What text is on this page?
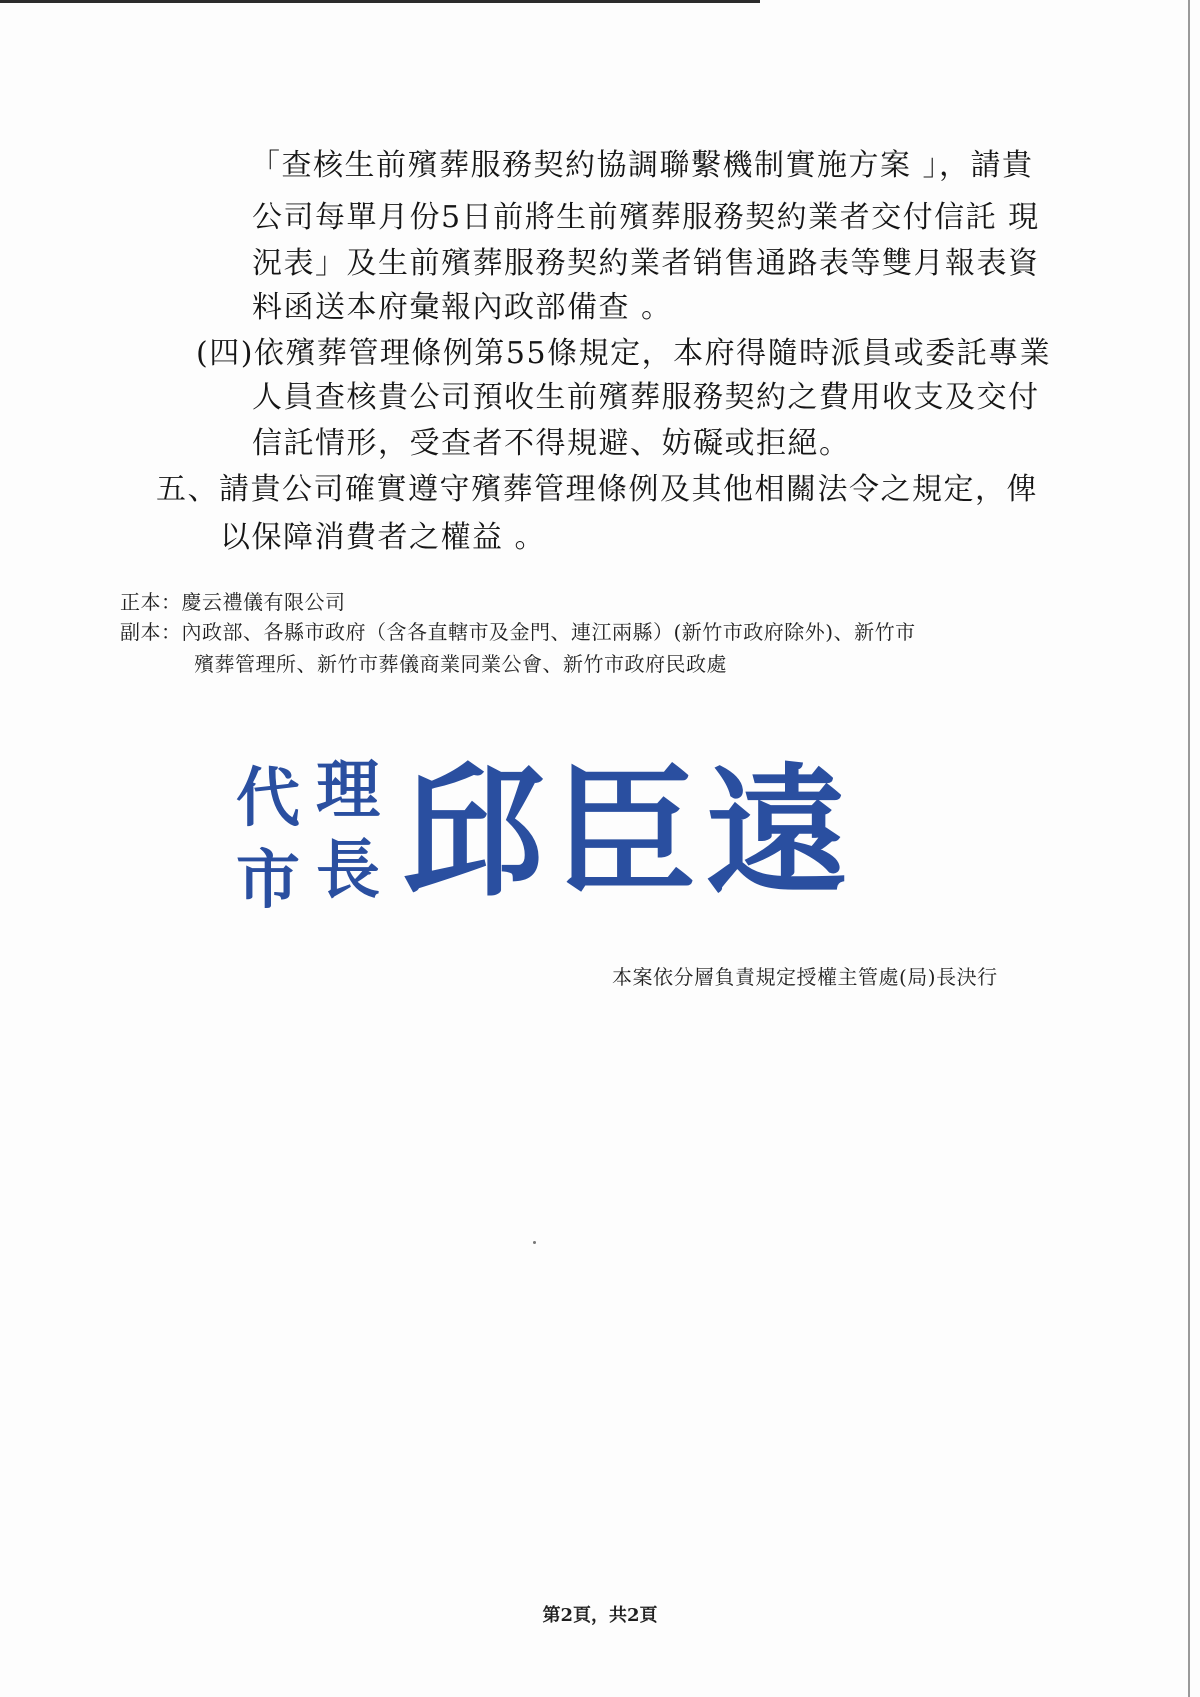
「查核生前殯葬服務契約協調聯繫機制實施方案 」，請貴
公司每單月份5日前將生前殯葬服務契約業者交付信託 現
況表」及生前殯葬服務契約業者销售通路表等雙月報表資
料函送本府彙報內政部備查 。
(四)依殯葬管理條例第55條規定，本府得隨時派員或委託專業
人員查核貴公司預收生前殯葬服務契約之費用收支及交付
信託情形，受查者不得規避、妨礙或拒絕。
五、請貴公司確實遵守殯葬管理條例及其他相關法令之規定，俾
以保障消費者之權益 。
正本：慶云禮儀有限公司
副本：內政部、各縣市政府（含各直轄市及金門、連江兩縣）(新竹市政府除外)、新竹市
殯葬管理所、新竹市葬儀商業同業公會、新竹市政府民政處
代 理
市 長 邱臣遠
本案依分層負責規定授權主管處(局)長決行
第2頁，共2頁
